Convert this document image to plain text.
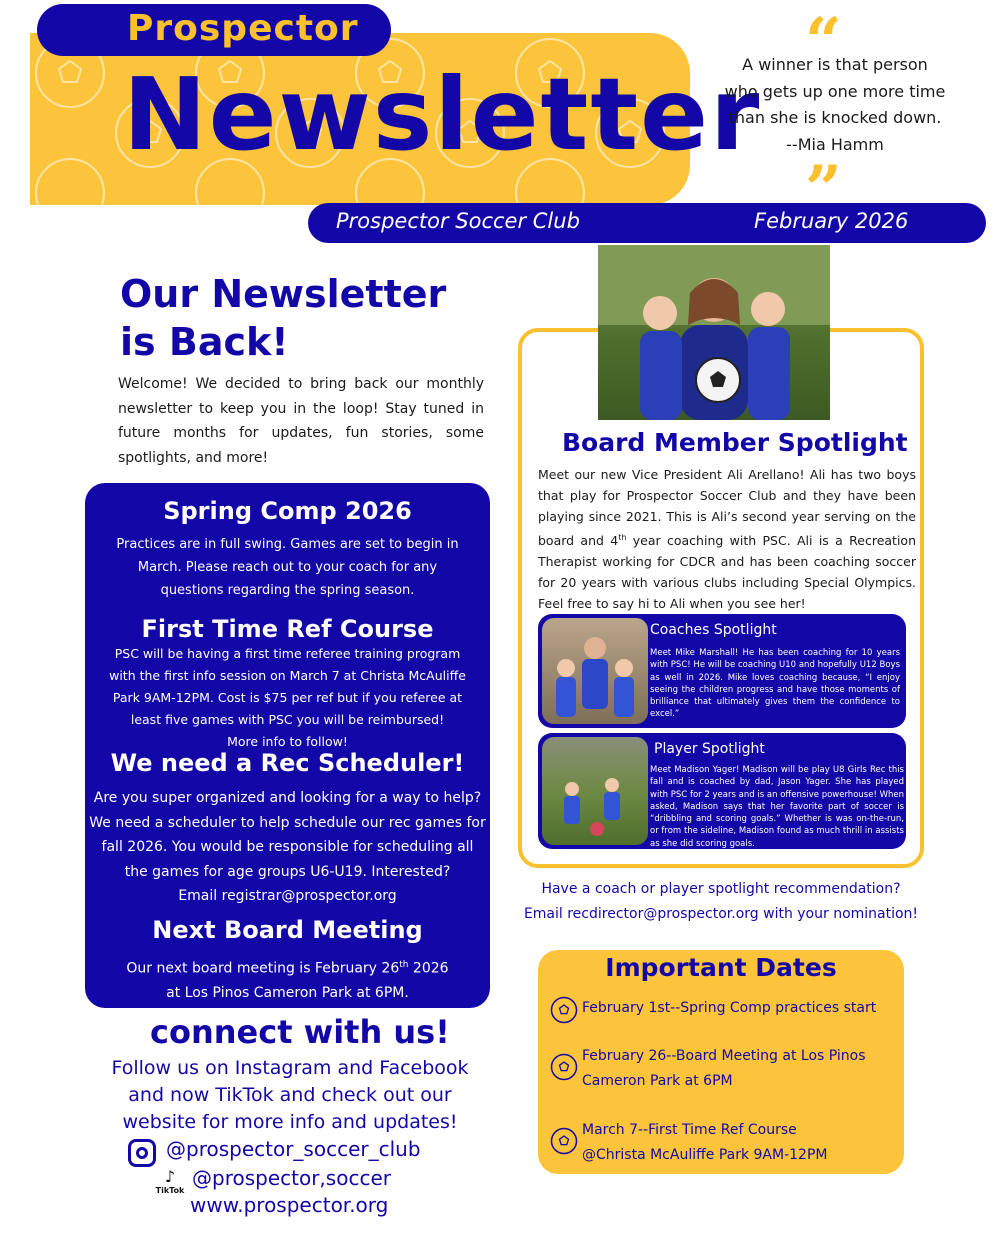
Prospector
Newsletter
Prospector Soccer Club	February 2026
“
A winner is that person
who gets up one more time
than she is knocked down.
--Mia Hamm
”
Our Newsletter
is Back!
Welcome! We decided to bring back our monthly newsletter to keep you in the loop! Stay tuned in future months for updates, fun stories, some spotlights, and more!
Spring Comp 2026
Practices are in full swing. Games are set to begin in
March. Please reach out to your coach for any
questions regarding the spring season.
First Time Ref Course
PSC will be having a first time referee training program
with the first info session on March 7 at Christa McAuliffe
Park 9AM-12PM. Cost is $75 per ref but if you referee at
least five games with PSC you will be reimbursed!
More info to follow!
We need a Rec Scheduler!
Are you super organized and looking for a way to help?
We need a scheduler to help schedule our rec games for
fall 2026. You would be responsible for scheduling all
the games for age groups U6-U19. Interested?
Email registrar@prospector.org
Next Board Meeting
Our next board meeting is February 26th 2026
at Los Pinos Cameron Park at 6PM.
connect with us!
Follow us on Instagram and Facebook and now TikTok and check out our website for more info and updates!
@prospector_soccer_club
♪
TikTok
@prospector,soccer
www.prospector.org
Board Member Spotlight
Meet our new Vice President Ali Arellano! Ali has two boys that play for Prospector Soccer Club and they have been playing since 2021. This is Ali’s second year serving on the board and 4th year coaching with PSC. Ali is a Recreation Therapist working for CDCR and has been coaching soccer for 20 years with various clubs including Special Olympics. Feel free to say hi to Ali when you see her!
Coaches Spotlight
Meet Mike Marshall! He has been coaching for 10 years with PSC! He will be coaching U10 and hopefully U12 Boys as well in 2026. Mike loves coaching because, “I enjoy seeing the children progress and have those moments of brilliance that ultimately gives them the confidence to excel.”
Player Spotlight
Meet Madison Yager! Madison will be play U8 Girls Rec this fall and is coached by dad, Jason Yager. She has played with PSC for 2 years and is an offensive powerhouse! When asked, Madison says that her favorite part of soccer is “dribbling and scoring goals.” Whether is was on-the-run, or from the sideline, Madison found as much thrill in assists as she did scoring goals.
Have a coach or player spotlight recommendation?
Email recdirector@prospector.org with your nomination!
Important Dates
February 1st--Spring Comp practices start
February 26--Board Meeting at Los Pinos
Cameron Park at 6PM
March 7--First Time Ref Course
@Christa McAuliffe Park 9AM-12PM
